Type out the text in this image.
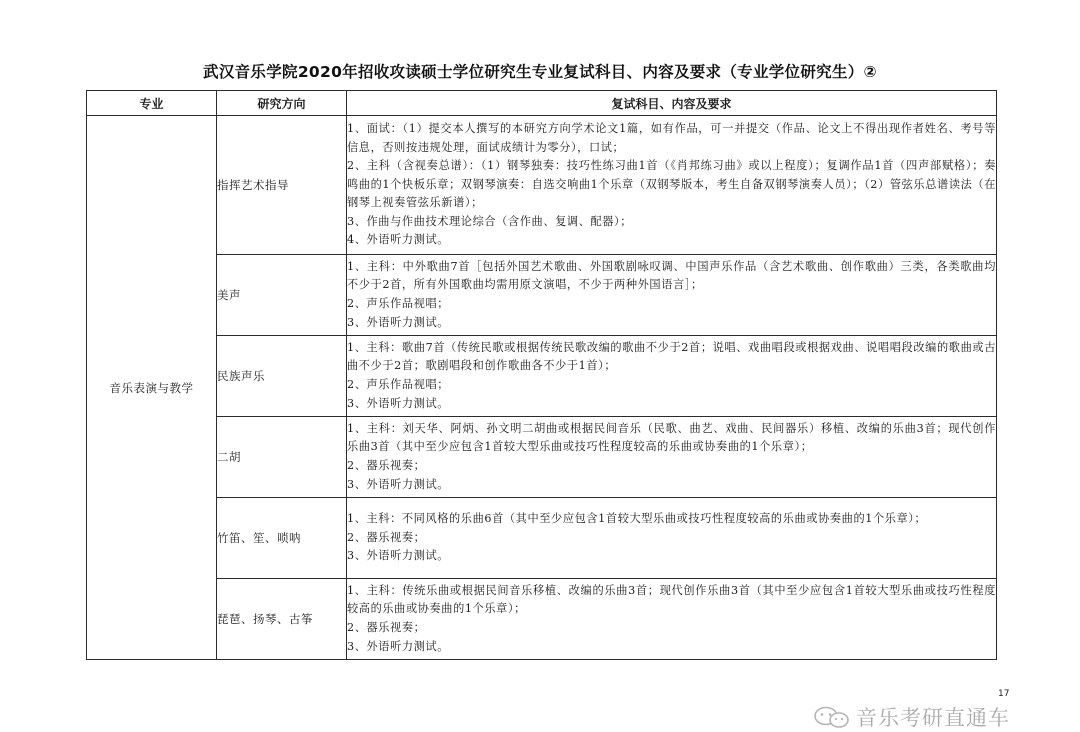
武汉音乐学院2020年招收攻读硕士学位研究生专业复试科目、内容及要求（专业学位研究生）②
专业	研究方向	复试科目、内容及要求
音乐表演与教学	指挥艺术指导	1、面试：（1）提交本人撰写的本研究方向学术论文1篇，如有作品，可一并提交（作品、论文上不得出现作者姓名、考号等信息，否则按违规处理，面试成绩计为零分），口试；
2、主科（含视奏总谱）：（1）钢琴独奏：技巧性练习曲1首（《肖邦练习曲》或以上程度）；复调作品1首（四声部赋格）；奏鸣曲的1个快板乐章；双钢琴演奏：自选交响曲1个乐章（双钢琴版本，考生自备双钢琴演奏人员）；（2）管弦乐总谱读法（在钢琴上视奏管弦乐新谱）；
3、作曲与作曲技术理论综合（含作曲、复调、配器）；
4、外语听力测试。

	美声	1、主科：中外歌曲7首［包括外国艺术歌曲、外国歌剧咏叹调、中国声乐作品（含艺术歌曲、创作歌曲）三类，各类歌曲均不少于2首，所有外国歌曲均需用原文演唱，不少于两种外国语言］；
2、声乐作品视唱；
3、外语听力测试。

	民族声乐	1、主科：歌曲7首（传统民歌或根据传统民歌改编的歌曲不少于2首；说唱、戏曲唱段或根据戏曲、说唱唱段改编的歌曲或古曲不少于2首；歌剧唱段和创作歌曲各不少于1首）；
2、声乐作品视唱；
3、外语听力测试。

	二胡	1、主科：刘天华、阿炳、孙文明二胡曲或根据民间音乐（民歌、曲艺、戏曲、民间器乐）移植、改编的乐曲3首；现代创作乐曲3首（其中至少应包含1首较大型乐曲或技巧性程度较高的乐曲或协奏曲的1个乐章）；
2、器乐视奏；
3、外语听力测试。

	竹笛、笙、唢呐	1、主科：不同风格的乐曲6首（其中至少应包含1首较大型乐曲或技巧性程度较高的乐曲或协奏曲的1个乐章）；
2、器乐视奏；
3、外语听力测试。

	琵琶、扬琴、古筝	1、主科：传统乐曲或根据民间音乐移植、改编的乐曲3首；现代创作乐曲3首（其中至少应包含1首较大型乐曲或技巧性程度较高的乐曲或协奏曲的1个乐章）；
2、器乐视奏；
3、外语听力测试。
17
音乐考研直通车
